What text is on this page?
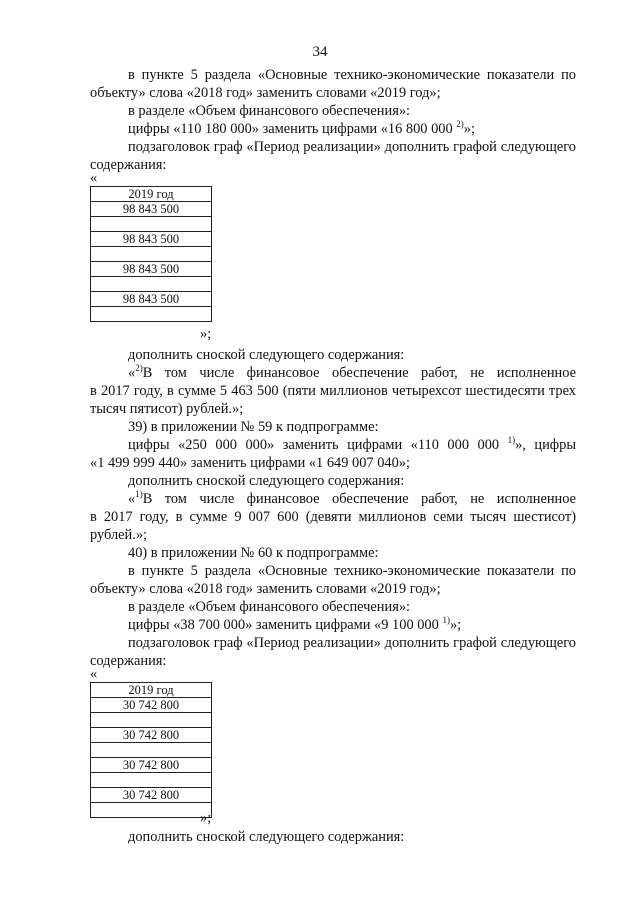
34
в пункте 5 раздела «Основные технико-экономические показатели по
объекту» слова «2018 год» заменить словами «2019 год»;
в разделе «Объем финансового обеспечения»:
цифры «110 180 000» заменить цифрами «16 800 000 $^{2)}$»;
подзаголовок граф «Период реализации» дополнить графой следующего
содержания:
«
2019 год
98 843 500
98 843 500
98 843 500
98 843 500
»;
дополнить сноской следующего содержания:
«$^{2)}$В том числе финансовое обеспечение работ, не исполненное
в 2017 году, в сумме 5 463 500 (пяти миллионов четырехсот шестидесяти трех
тысяч пятисот) рублей.»;
39) в приложении № 59 к подпрограмме:
цифры «250 000 000» заменить цифрами «110 000 000 $^{1)}$», цифры
«1 499 999 440» заменить цифрами «1 649 007 040»;
дополнить сноской следующего содержания:
«$^{1)}$В том числе финансовое обеспечение работ, не исполненное
в 2017 году, в сумме 9 007 600 (девяти миллионов семи тысяч шестисот)
рублей.»;
40) в приложении № 60 к подпрограмме:
в пункте 5 раздела «Основные технико-экономические показатели по
объекту» слова «2018 год» заменить словами «2019 год»;
в разделе «Объем финансового обеспечения»:
цифры «38 700 000» заменить цифрами «9 100 000 $^{1)}$»;
подзаголовок граф «Период реализации» дополнить графой следующего
содержания:
«
2019 год
30 742 800
30 742 800
30 742 800
30 742 800
»;
дополнить сноской следующего содержания:
